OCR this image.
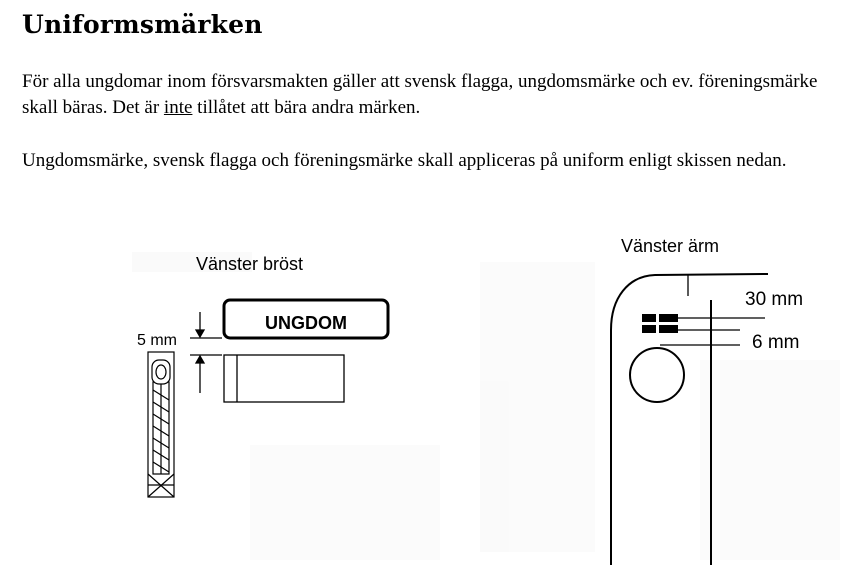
Uniformsmärken

För alla ungdomar inom försvarsmakten gäller att svensk flagga, ungdomsmärke och ev. föreningsmärke skall bäras. Det är inte tillåtet att bära andra märken.

Ungdomsmärke, svensk flagga och föreningsmärke skall appliceras på uniform enligt skissen nedan.

Vänster bröst
UNGDOM
5 mm
Vänster ärm
30 mm
6 mm
